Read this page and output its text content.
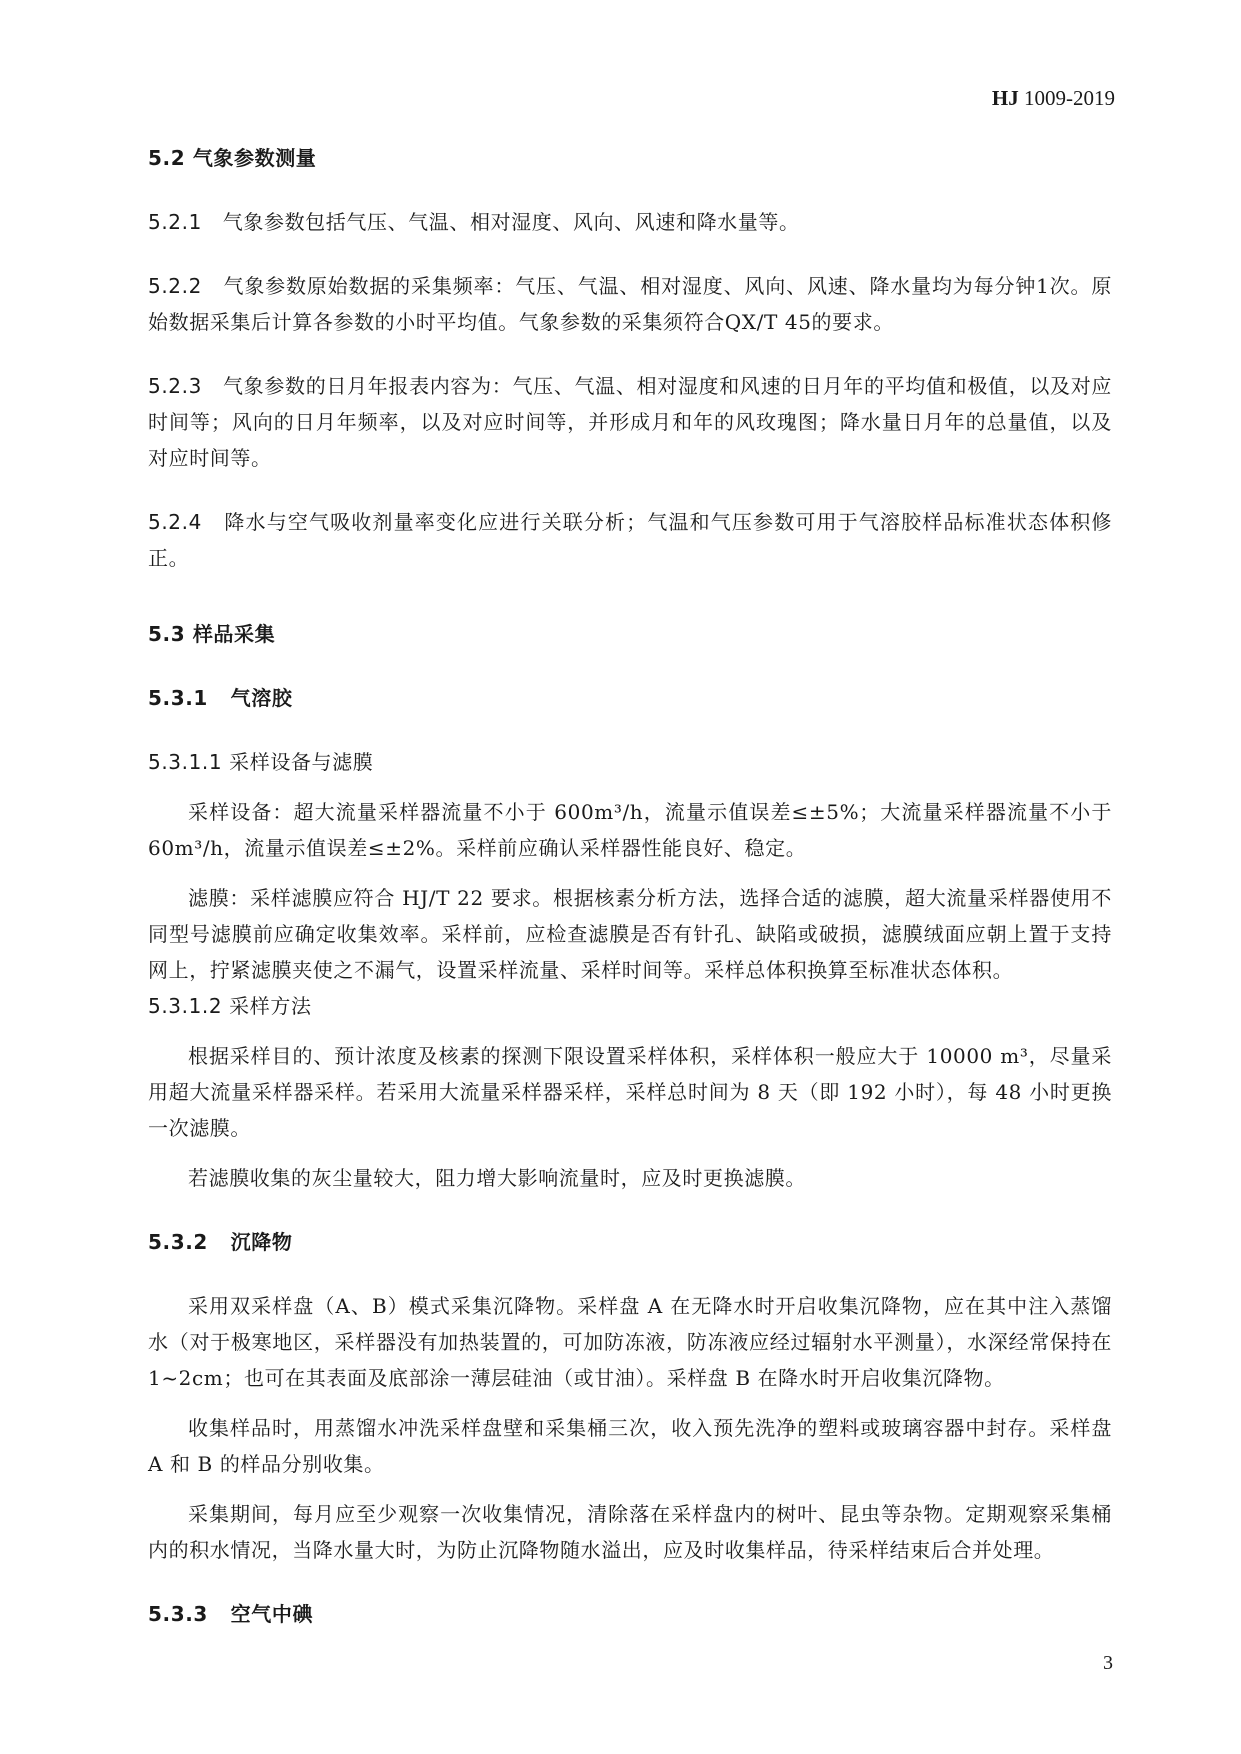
HJ 1009-2019
5.2 气象参数测量
5.2.1 气象参数包括气压、气温、相对湿度、风向、风速和降水量等。
5.2.2 气象参数原始数据的采集频率：气压、气温、相对湿度、风向、风速、降水量均为每分钟1次。原始数据采集后计算各参数的小时平均值。气象参数的采集须符合QX/T 45的要求。
5.2.3 气象参数的日月年报表内容为：气压、气温、相对湿度和风速的日月年的平均值和极值，以及对应时间等；风向的日月年频率，以及对应时间等，并形成月和年的风玫瑰图；降水量日月年的总量值，以及对应时间等。
5.2.4 降水与空气吸收剂量率变化应进行关联分析；气温和气压参数可用于气溶胶样品标准状态体积修正。
5.3 样品采集
5.3.1 气溶胶
5.3.1.1 采样设备与滤膜
采样设备：超大流量采样器流量不小于 600m³/h，流量示值误差≤±5%；大流量采样器流量不小于 60m³/h，流量示值误差≤±2%。采样前应确认采样器性能良好、稳定。
滤膜：采样滤膜应符合 HJ/T 22 要求。根据核素分析方法，选择合适的滤膜，超大流量采样器使用不同型号滤膜前应确定收集效率。采样前，应检查滤膜是否有针孔、缺陷或破损，滤膜绒面应朝上置于支持网上，拧紧滤膜夹使之不漏气，设置采样流量、采样时间等。采样总体积换算至标准状态体积。
5.3.1.2 采样方法
根据采样目的、预计浓度及核素的探测下限设置采样体积，采样体积一般应大于 10000 m³，尽量采用超大流量采样器采样。若采用大流量采样器采样，采样总时间为 8 天（即 192 小时），每 48 小时更换一次滤膜。
若滤膜收集的灰尘量较大，阻力增大影响流量时，应及时更换滤膜。
5.3.2 沉降物
采用双采样盘（A、B）模式采集沉降物。采样盘 A 在无降水时开启收集沉降物，应在其中注入蒸馏水（对于极寒地区，采样器没有加热装置的，可加防冻液，防冻液应经过辐射水平测量），水深经常保持在 1~2cm；也可在其表面及底部涂一薄层硅油（或甘油）。采样盘 B 在降水时开启收集沉降物。
收集样品时，用蒸馏水冲洗采样盘壁和采集桶三次，收入预先洗净的塑料或玻璃容器中封存。采样盘 A 和 B 的样品分别收集。
采集期间，每月应至少观察一次收集情况，清除落在采样盘内的树叶、昆虫等杂物。定期观察采集桶内的积水情况，当降水量大时，为防止沉降物随水溢出，应及时收集样品，待采样结束后合并处理。
5.3.3 空气中碘
3
